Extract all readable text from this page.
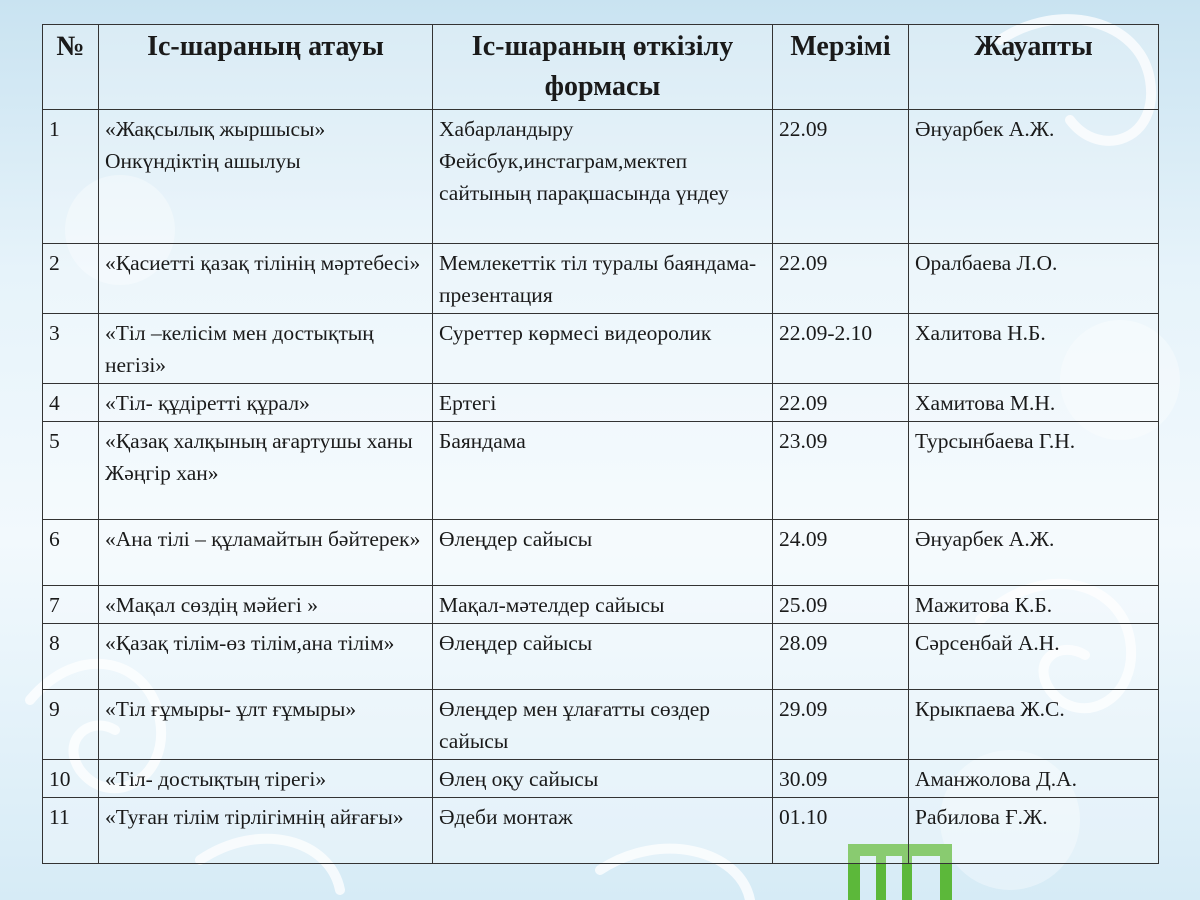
№	Іс-шараның атауы	Іс-шараның өткізілу формасы	Мерзімі	Жауапты
1	«Жақсылық жыршысы» Онкүндіктің ашылуы	Хабарландыру Фейсбук,инстаграм,мектеп сайтының парақшасында үндеу	22.09	Әнуарбек А.Ж.
2	«Қасиетті қазақ тілінің мәртебесі»	Мемлекеттік тіл туралы баяндама-презентация	22.09	Оралбаева Л.О.
3	«Тіл –келісім мен достықтың негізі»	Суреттер көрмесі видеоролик	22.09-2.10	Халитова Н.Б.
4	«Тіл- құдіретті құрал»	Ертегі	22.09	Хамитова М.Н.
5	«Қазақ халқының ағартушы ханы Жәңгір хан»	Баяндама	23.09	Турсынбаева Г.Н.
6	«Ана тілі – құламайтын бәйтерек»	Өлеңдер сайысы	24.09	Әнуарбек А.Ж.
7	«Мақал сөздің мәйегі »	Мақал-мәтелдер сайысы	25.09	Мажитова К.Б.
8	«Қазақ тілім-өз тілім,ана тілім»	Өлеңдер сайысы	28.09	Сәрсенбай А.Н.
9	«Тіл ғұмыры- ұлт ғұмыры»	Өлеңдер мен ұлағатты сөздер сайысы	29.09	Крыкпаева Ж.С.
10	«Тіл- достықтың тірегі»	Өлең оқу сайысы	30.09	Аманжолова Д.А.
11	«Туған тілім тірлігімнің айғағы»	Әдеби монтаж	01.10	Рабилова Ғ.Ж.
